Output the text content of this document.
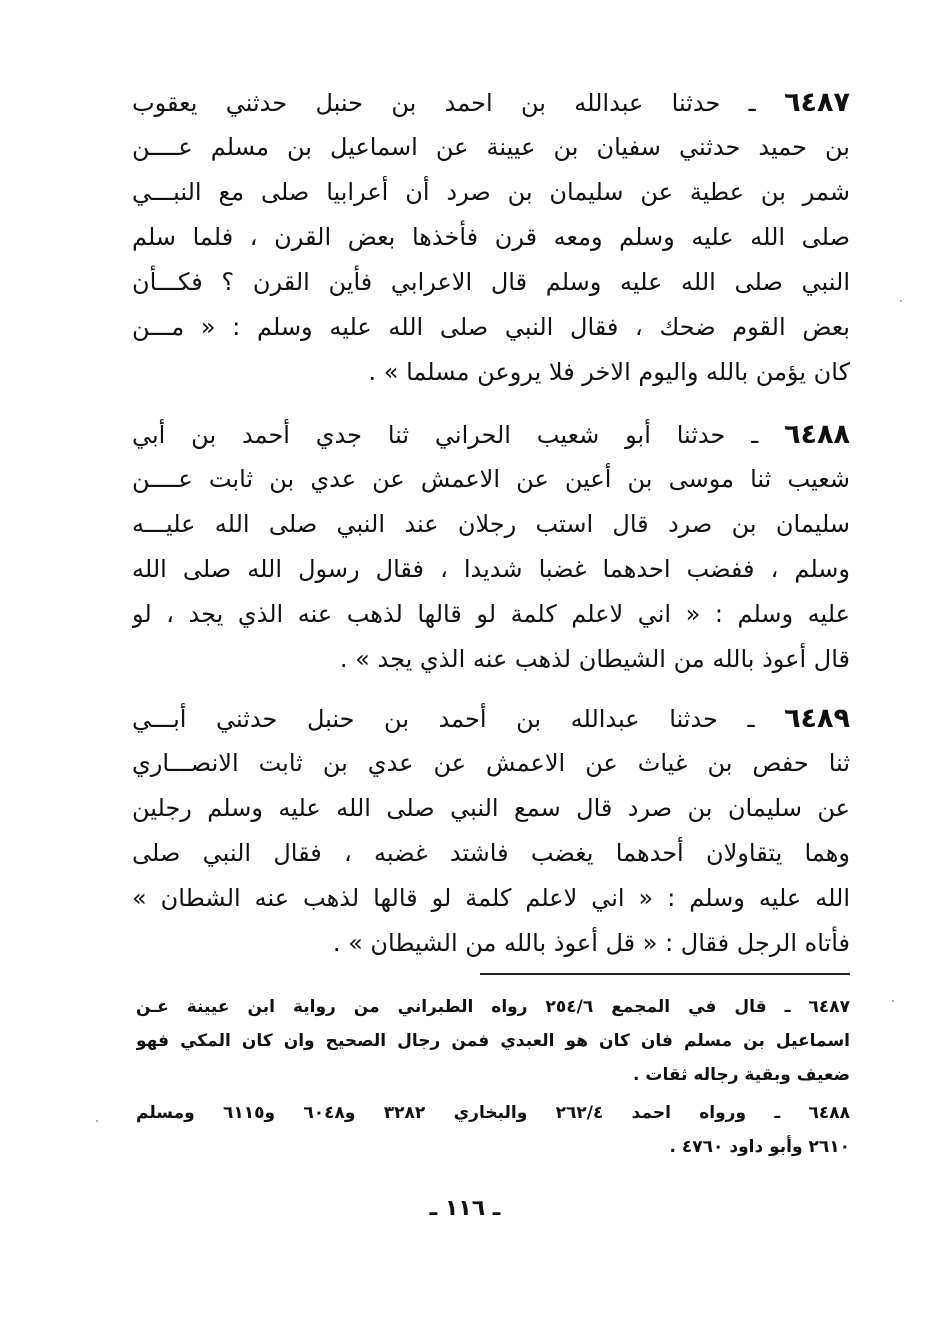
٦٤٨٧ ـ حدثنا عبدالله بن احمد بن حنبل حدثني يعقوب
بن حميد حدثني سفيان بن عيينة عن اسماعيل بن مسلم عــــن
شمر بن عطية عن سليمان بن صرد أن أعرابيا صلى مع النبـــي
صلى الله عليه وسلم ومعه قرن فأخذها بعض القرن ، فلما سلم
النبي صلى الله عليه وسلم قال الاعرابي فأين القرن ؟ فكـــأن
بعض القوم ضحك ، فقال النبي صلى الله عليه وسلم : « مـــن
كان يؤمن بالله واليوم الاخر فلا يروعن مسلما » .
٦٤٨٨ ـ حدثنا أبو شعيب الحراني ثنا جدي أحمد بن أبي
شعيب ثنا موسى بن أعين عن الاعمش عن عدي بن ثابت عــــن
سليمان بن صرد قال استب رجلان عند النبي صلى الله عليـــه
وسلم ، ففضب احدهما غضبا شديدا ، فقال رسول الله صلى الله
عليه وسلم : « اني لاعلم كلمة لو قالها لذهب عنه الذي يجد ، لو
قال أعوذ بالله من الشيطان لذهب عنه الذي يجد » .
٦٤٨٩ ـ حدثنا عبدالله بن أحمد بن حنبل حدثني أبـــي
ثنا حفص بن غياث عن الاعمش عن عدي بن ثابت الانصـــاري
عن سليمان بن صرد قال سمع النبي صلى الله عليه وسلم رجلين
وهما يتقاولان أحدهما يغضب فاشتد غضبه ، فقال النبي صلى
الله عليه وسلم : « اني لاعلم كلمة لو قالها لذهب عنه الشطان »
فأتاه الرجل فقال : « قل أعوذ بالله من الشيطان » .
٦٤٨٧ ـ قال في المجمع ٢٥٤/٦ رواه الطبراني من رواية ابن عيينة عـن
اسماعيل بن مسلم فان كان هو العبدي فمن رجال الصحيح وان كان المكي فهو
ضعيف وبقية رجاله ثقات .
٦٤٨٨ ـ ورواه احمد ٢٦٢/٤ والبخاري ٣٢٨٢ و٦٠٤٨ و٦١١٥ ومسلم
٢٦١٠ وأبو داود ٤٧٦٠ .
ـ ١١٦ ـ
